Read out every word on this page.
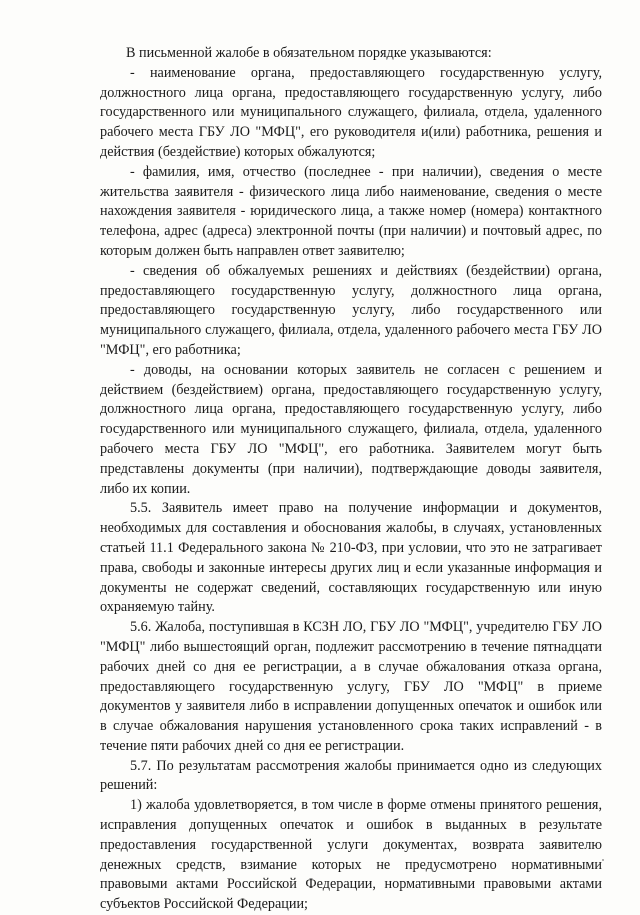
В письменной жалобе в обязательном порядке указываются:

- наименование органа, предоставляющего государственную услугу, должностного лица органа, предоставляющего государственную услугу, либо государственного или муниципального служащего, филиала, отдела, удаленного рабочего места ГБУ ЛО "МФЦ", его руководителя и(или) работника, решения и действия (бездействие) которых обжалуются;

- фамилия, имя, отчество (последнее - при наличии), сведения о месте жительства заявителя - физического лица либо наименование, сведения о месте нахождения заявителя - юридического лица, а также номер (номера) контактного телефона, адрес (адреса) электронной почты (при наличии) и почтовый адрес, по которым должен быть направлен ответ заявителю;

- сведения об обжалуемых решениях и действиях (бездействии) органа, предоставляющего государственную услугу, должностного лица органа, предоставляющего государственную услугу, либо государственного или муниципального служащего, филиала, отдела, удаленного рабочего места ГБУ ЛО "МФЦ", его работника;

- доводы, на основании которых заявитель не согласен с решением и действием (бездействием) органа, предоставляющего государственную услугу, должностного лица органа, предоставляющего государственную услугу, либо государственного или муниципального служащего, филиала, отдела, удаленного рабочего места ГБУ ЛО "МФЦ", его работника. Заявителем могут быть представлены документы (при наличии), подтверждающие доводы заявителя, либо их копии.

5.5. Заявитель имеет право на получение информации и документов, необходимых для составления и обоснования жалобы, в случаях, установленных статьей 11.1 Федерального закона № 210-ФЗ, при условии, что это не затрагивает права, свободы и законные интересы других лиц и если указанные информация и документы не содержат сведений, составляющих государственную или иную охраняемую тайну.

5.6. Жалоба, поступившая в КСЗН ЛО, ГБУ ЛО "МФЦ", учредителю ГБУ ЛО "МФЦ" либо вышестоящий орган, подлежит рассмотрению в течение пятнадцати рабочих дней со дня ее регистрации, а в случае обжалования отказа органа, предоставляющего государственную услугу, ГБУ ЛО "МФЦ" в приеме документов у заявителя либо в исправлении допущенных опечаток и ошибок или в случае обжалования нарушения установленного срока таких исправлений - в течение пяти рабочих дней со дня ее регистрации.

5.7. По результатам рассмотрения жалобы принимается одно из следующих решений:

1) жалоба удовлетворяется, в том числе в форме отмены принятого решения, исправления допущенных опечаток и ошибок в выданных в результате предоставления государственной услуги документах, возврата заявителю денежных средств, взимание которых не предусмотрено нормативными правовыми актами Российской Федерации, нормативными правовыми актами субъектов Российской Федерации;
